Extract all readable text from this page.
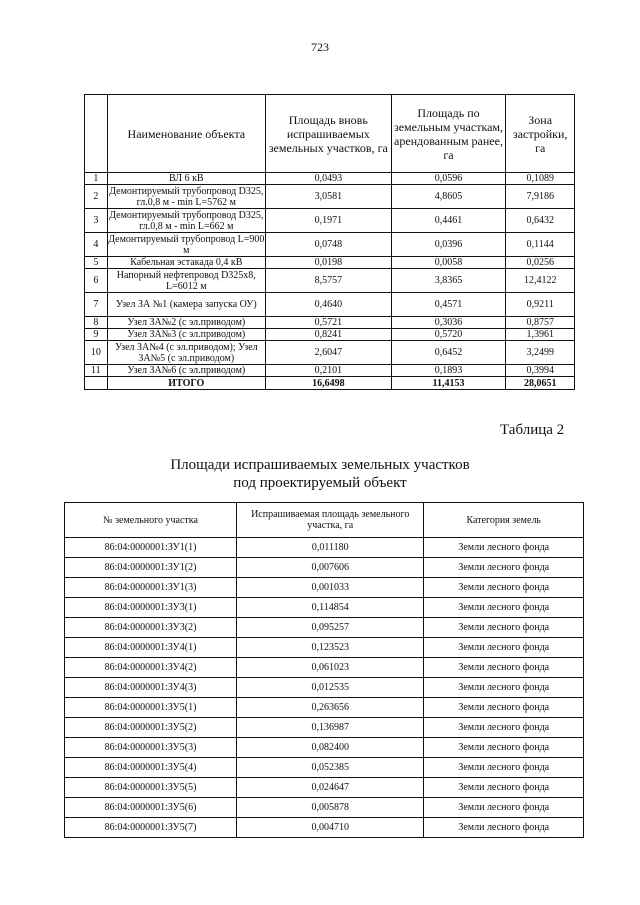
723
	Наименование объекта	Площадь вновь испрашиваемых земельных участков, га	Площадь по земельным участкам, арендованным ранее, га	Зона застройки, га
1	ВЛ 6 кВ	0,0493	0,0596	0,1089
2	Демонтируемый трубопровод D325, гл.0,8 м - min L=5762 м	3,0581	4,8605	7,9186
3	Демонтируемый трубопровод D325, гл.0,8 м - min L=662 м	0,1971	0,4461	0,6432
4	Демонтируемый трубопровод L=900 м	0,0748	0,0396	0,1144
5	Кабельная эстакада 0,4 кВ	0,0198	0,0058	0,0256
6	Напорный нефтепровод D325х8, L=6012 м	8,5757	3,8365	12,4122
7	Узел ЗА №1 (камера запуска ОУ)	0,4640	0,4571	0,9211
8	Узел ЗА№2 (с эл.приводом)	0,5721	0,3036	0,8757
9	Узел ЗА№3 (с эл.приводом)	0,8241	0,5720	1,3961
10	Узел ЗА№4 (с эл.приводом); Узел ЗА№5 (с эл.приводом)	2,6047	0,6452	3,2499
11	Узел ЗА№6 (с эл.приводом)	0,2101	0,1893	0,3994
	ИТОГО	16,6498	11,4153	28,0651
Таблица 2
Площади испрашиваемых земельных участков
под проектируемый объект
№ земельного участка	Испрашиваемая площадь земельного участка, га	Категория земель
86:04:0000001:ЗУ1(1)	0,011180	Земли лесного фонда
86:04:0000001:ЗУ1(2)	0,007606	Земли лесного фонда
86:04:0000001:ЗУ1(3)	0,001033	Земли лесного фонда
86:04:0000001:ЗУ3(1)	0,114854	Земли лесного фонда
86:04:0000001:ЗУ3(2)	0,095257	Земли лесного фонда
86:04:0000001:ЗУ4(1)	0,123523	Земли лесного фонда
86:04:0000001:ЗУ4(2)	0,061023	Земли лесного фонда
86:04:0000001:ЗУ4(3)	0,012535	Земли лесного фонда
86:04:0000001:ЗУ5(1)	0,263656	Земли лесного фонда
86:04:0000001:ЗУ5(2)	0,136987	Земли лесного фонда
86:04:0000001:ЗУ5(3)	0,082400	Земли лесного фонда
86:04:0000001:ЗУ5(4)	0,052385	Земли лесного фонда
86:04:0000001:ЗУ5(5)	0,024647	Земли лесного фонда
86:04:0000001:ЗУ5(6)	0,005878	Земли лесного фонда
86:04:0000001:ЗУ5(7)	0,004710	Земли лесного фонда
